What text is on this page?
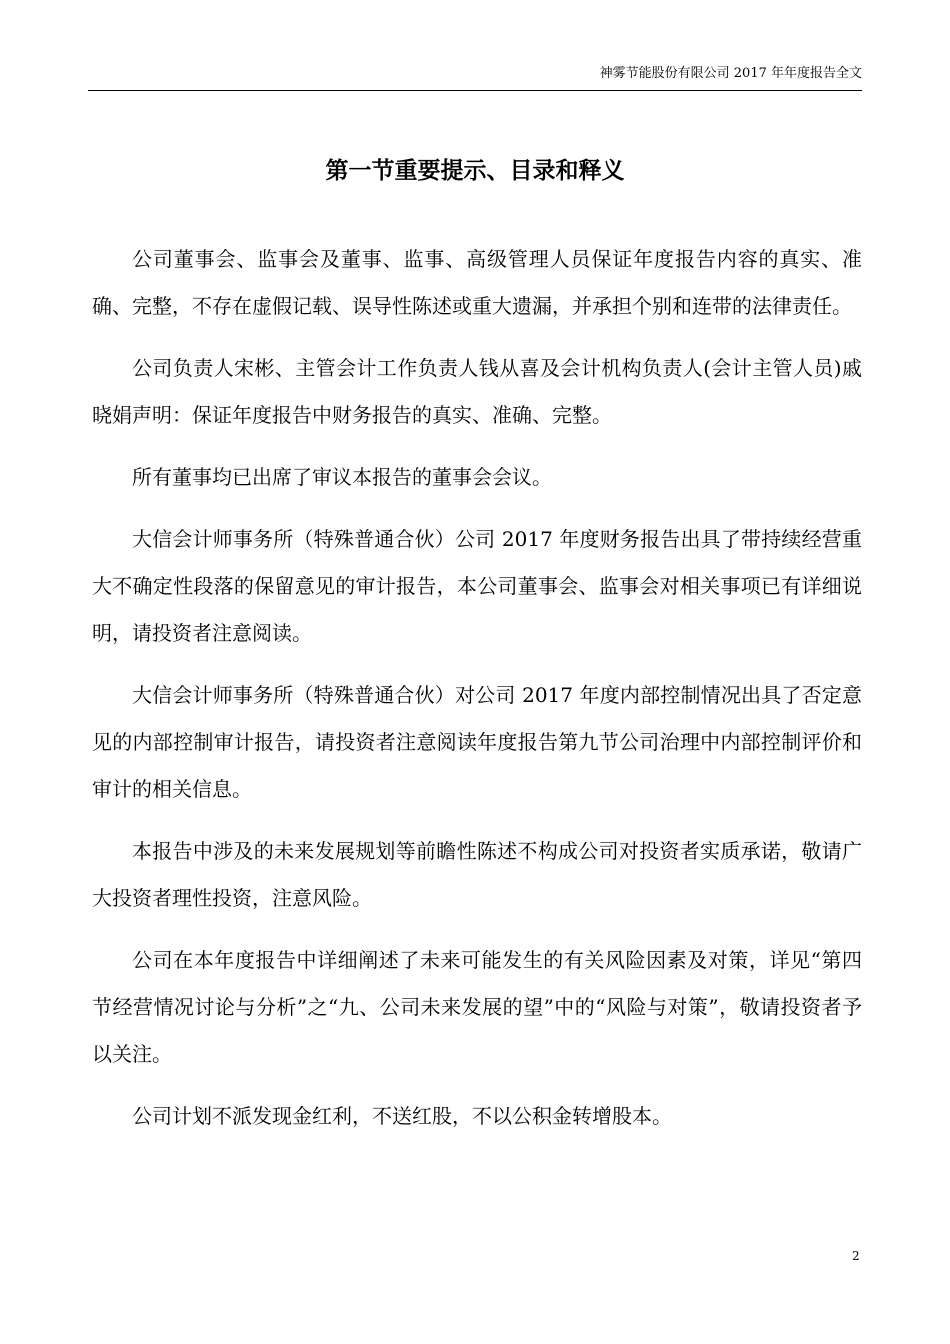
神雾节能股份有限公司 2017 年年度报告全文
第一节重要提示、目录和释义

公司董事会、监事会及董事、监事、高级管理人员保证年度报告内容的真实、准确、完整，不存在虚假记载、误导性陈述或重大遗漏，并承担个别和连带的法律责任。

公司负责人宋彬、主管会计工作负责人钱从喜及会计机构负责人(会计主管人员)戚晓娟声明：保证年度报告中财务报告的真实、准确、完整。

所有董事均已出席了审议本报告的董事会会议。

大信会计师事务所（特殊普通合伙）公司 2017 年度财务报告出具了带持续经营重大不确定性段落的保留意见的审计报告，本公司董事会、监事会对相关事项已有详细说明，请投资者注意阅读。

大信会计师事务所（特殊普通合伙）对公司 2017 年度内部控制情况出具了否定意见的内部控制审计报告，请投资者注意阅读年度报告第九节公司治理中内部控制评价和审计的相关信息。

本报告中涉及的未来发展规划等前瞻性陈述不构成公司对投资者实质承诺，敬请广大投资者理性投资，注意风险。

公司在本年度报告中详细阐述了未来可能发生的有关风险因素及对策，详见“第四节经营情况讨论与分析”之“九、公司未来发展的望”中的“风险与对策”，敬请投资者予以关注。

公司计划不派发现金红利，不送红股，不以公积金转增股本。

2
